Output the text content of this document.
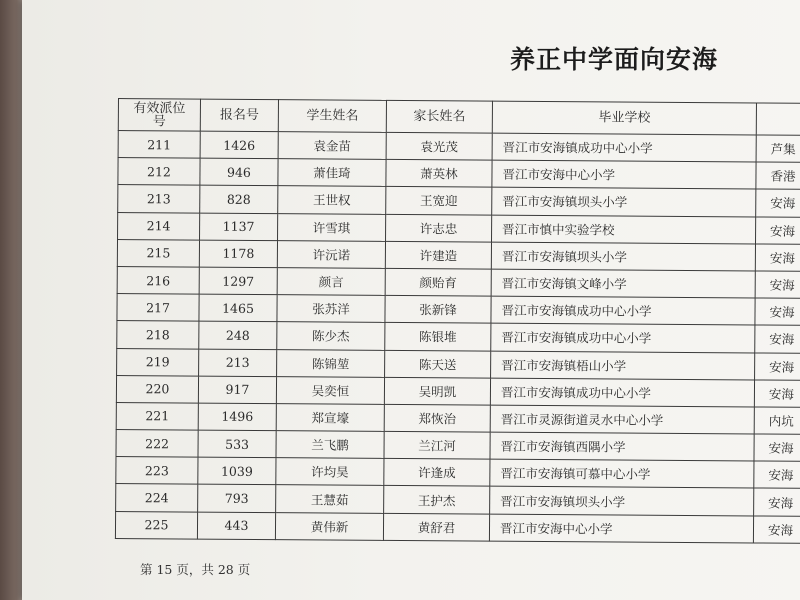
养正中学面向安海
有效派位号	报名号	学生姓名	家长姓名	毕业学校	
211	1426	袁金苗	袁光茂	晋江市安海镇成功中心小学	芦集
212	946	萧佳琦	萧英林	晋江市安海中心小学	香港
213	828	王世权	王宽迎	晋江市安海镇坝头小学	安海
214	1137	许雪琪	许志忠	晋江市慎中实验学校	安海
215	1178	许沅诺	许建造	晋江市安海镇坝头小学	安海
216	1297	颜言	颜贻育	晋江市安海镇文峰小学	安海
217	1465	张苏洋	张新锋	晋江市安海镇成功中心小学	安海
218	248	陈少杰	陈银堆	晋江市安海镇成功中心小学	安海
219	213	陈锦堃	陈天送	晋江市安海镇梧山小学	安海
220	917	吴奕恒	吴明凯	晋江市安海镇成功中心小学	安海
221	1496	郑宣壕	郑恢治	晋江市灵源街道灵水中心小学	内坑
222	533	兰飞鹏	兰江河	晋江市安海镇西隅小学	安海
223	1039	许均昊	许逢成	晋江市安海镇可慕中心小学	安海
224	793	王慧茹	王护杰	晋江市安海镇坝头小学	安海
225	443	黄伟新	黄舒君	晋江市安海中心小学	安海
第 15 页，共 28 页
